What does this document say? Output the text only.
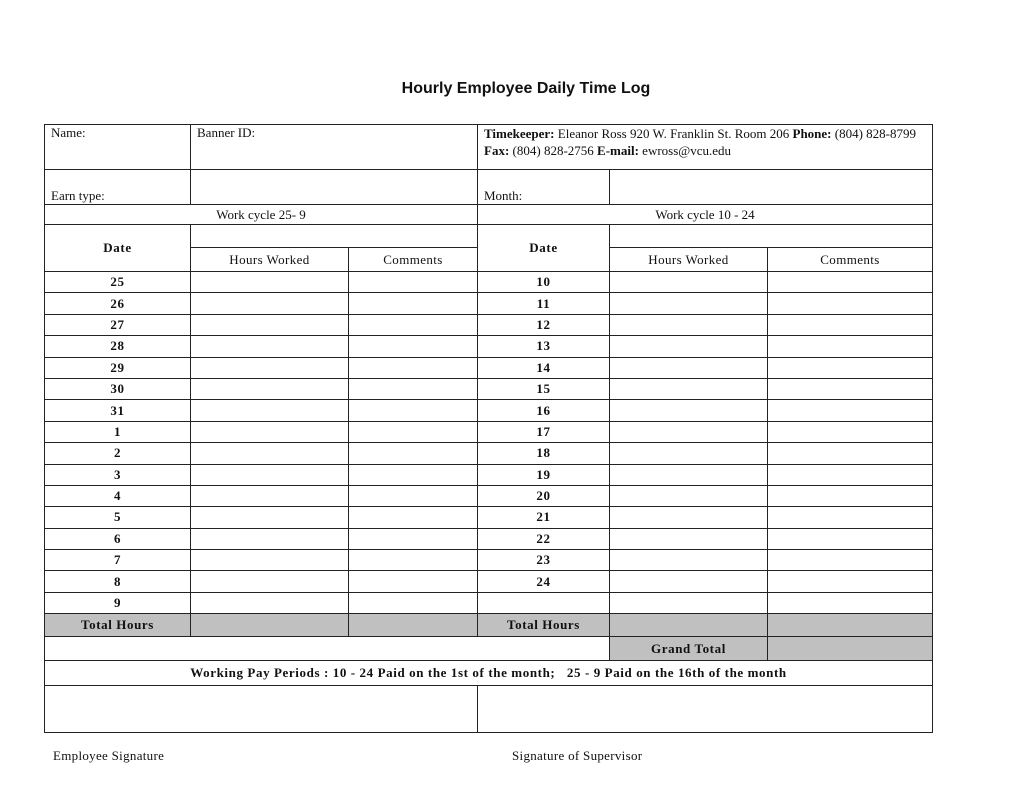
Hourly Employee Daily Time Log
Name:	Banner ID:		Timekeeper: Eleanor Ross 920 W. Franklin St. Room 206 Phone: (804) 828-8799 Fax: (804) 828-2756 E-mail: ewross@vcu.edu		
Earn type:			Month:		
Work cycle 25- 9			Work cycle 10 - 24		
Date			Date		
	Hours Worked	Comments		Hours Worked	Comments
25			10		
26			11		
27			12		
28			13		
29			14		
30			15		
31			16		
1			17		
2			18		
3			19		
4			20		
5			21		
6			22		
7			23		
8			24		
9					
Total Hours			Total Hours		
				Grand Total	
Working Pay Periods : 10 - 24 Paid on the 1st of the month;   25 - 9 Paid on the 16th of the month					

Employee Signature	Signature of Supervisor
